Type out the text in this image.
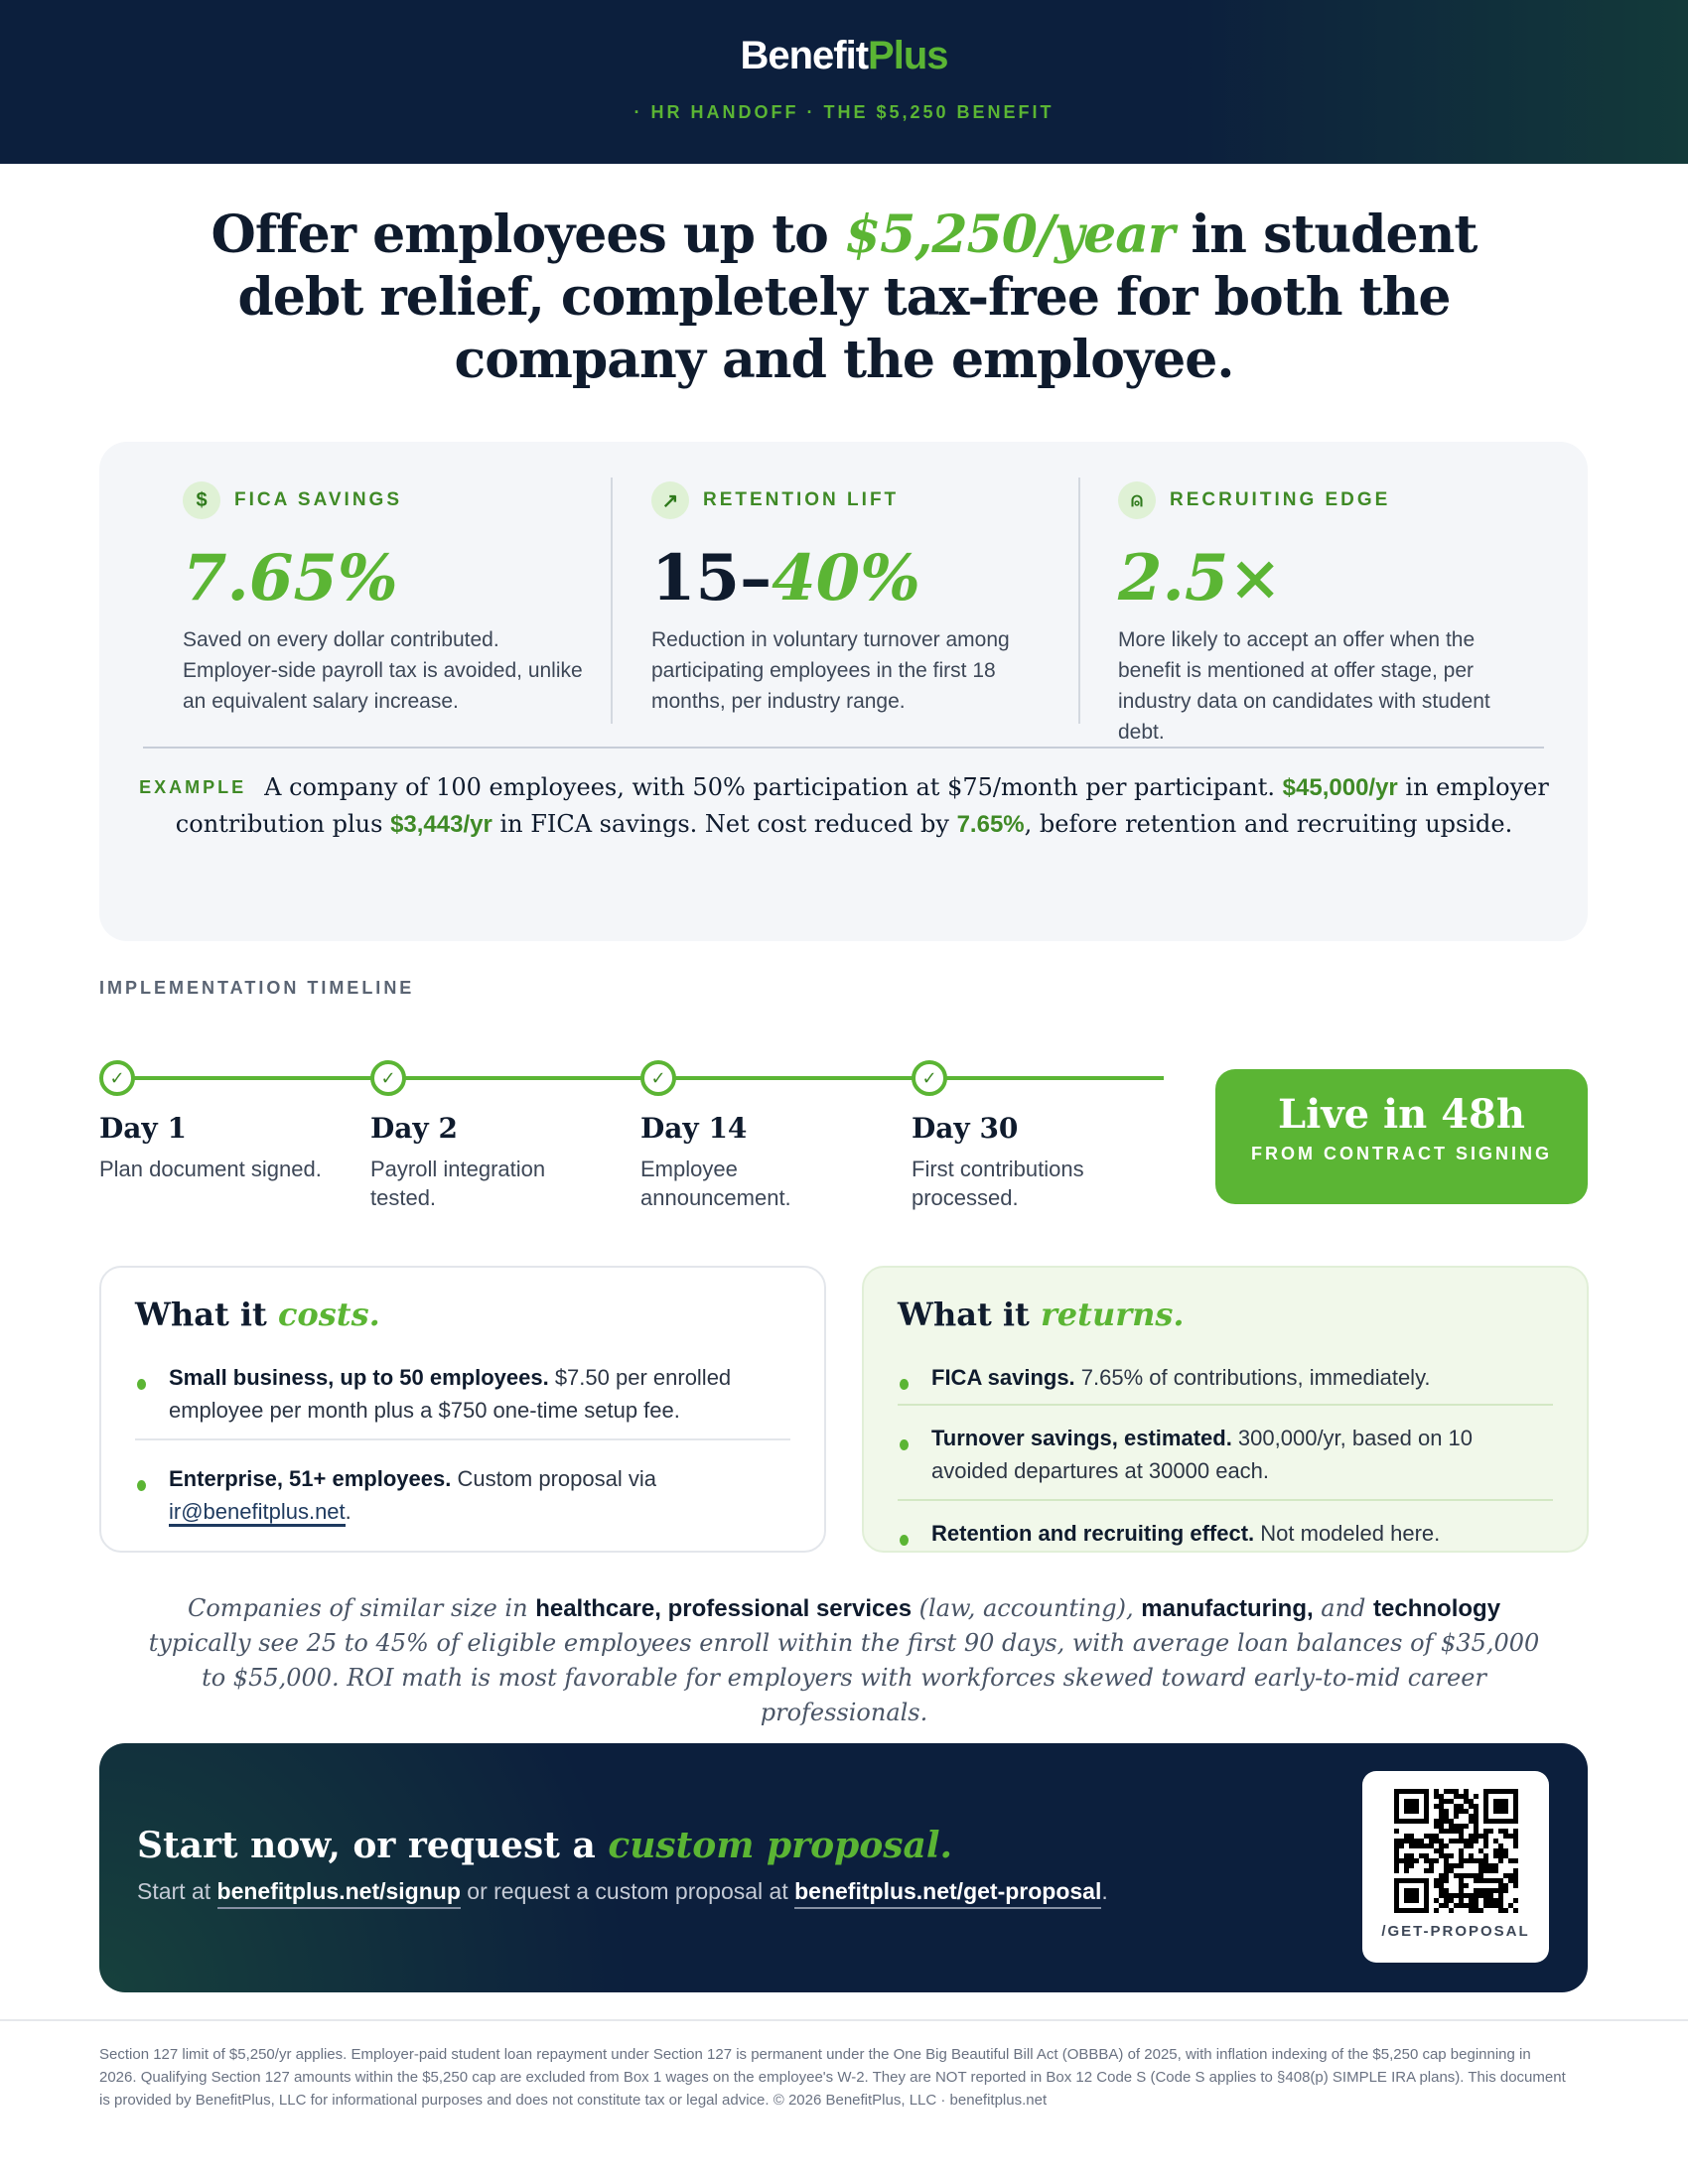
BenefitPlus
· HR HANDOFF · THE $5,250 BENEFIT
Offer employees up to $5,250/year in student debt relief, completely tax-free for both the company and the employee.
$	FICA SAVINGS
7.65%
Saved on every dollar contributed. Employer-side payroll tax is avoided, unlike an equivalent salary increase.
↗	RETENTION LIFT
15–40%
Reduction in voluntary turnover among participating employees in the first 18 months, per industry range.
⍝	RECRUITING EDGE
2.5×
More likely to accept an offer when the benefit is mentioned at offer stage, per industry data on candidates with student debt.

EXAMPLE A company of 100 employees, with 50% participation at $75/month per participant. $45,000/yr in employer contribution plus $3,443/yr in FICA savings. Net cost reduced by 7.65%, before retention and recruiting upside.

IMPLEMENTATION TIMELINE
✓
Day 1
Plan document signed.
✓
Day 2
Payroll integration tested.
✓
Day 14
Employee announcement.
✓
Day 30
First contributions processed.
Live in 48h
FROM CONTRACT SIGNING
What it costs.
Small business, up to 50 employees. $7.50 per enrolled employee per month plus a $750 one-time setup fee.
Enterprise, 51+ employees. Custom proposal via ir@benefitplus.net.
What it returns.
FICA savings. 7.65% of contributions, immediately.
Turnover savings, estimated. 300,000/yr, based on 10 avoided departures at 30000 each.
Retention and recruiting effect. Not modeled here.

Companies of similar size in healthcare, professional services (law, accounting), manufacturing, and technology typically see 25 to 45% of eligible employees enroll within the first 90 days, with average loan balances of $35,000 to $55,000. ROI math is most favorable for employers with workforces skewed toward early-to-mid career professionals.

Start now, or request a custom proposal.
Start at benefitplus.net/signup or request a custom proposal at benefitplus.net/get-proposal.
/GET-PROPOSAL

Section 127 limit of $5,250/yr applies. Employer-paid student loan repayment under Section 127 is permanent under the One Big Beautiful Bill Act (OBBBA) of 2025, with inflation indexing of the $5,250 cap beginning in 2026. Qualifying Section 127 amounts within the $5,250 cap are excluded from Box 1 wages on the employee's W-2. They are NOT reported in Box 12 Code S (Code S applies to §408(p) SIMPLE IRA plans). This document is provided by BenefitPlus, LLC for informational purposes and does not constitute tax or legal advice. © 2026 BenefitPlus, LLC · benefitplus.net
